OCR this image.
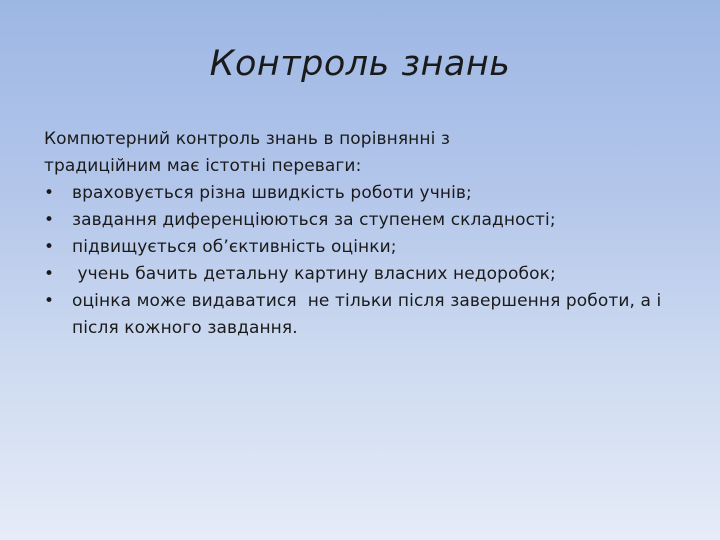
Контроль знань

Компютерний контроль знань в порівнянні з
традиційним має істотні переваги:

•	враховується різна швидкість роботи учнів;
•	завдання диференціюються за ступенем складності;
•	підвищується об’єктивність оцінки;
•	учень бачить детальну картину власних недоробок;
•	оцінка може видаватися  не тільки після завершення роботи, а і після кожного завдання.
